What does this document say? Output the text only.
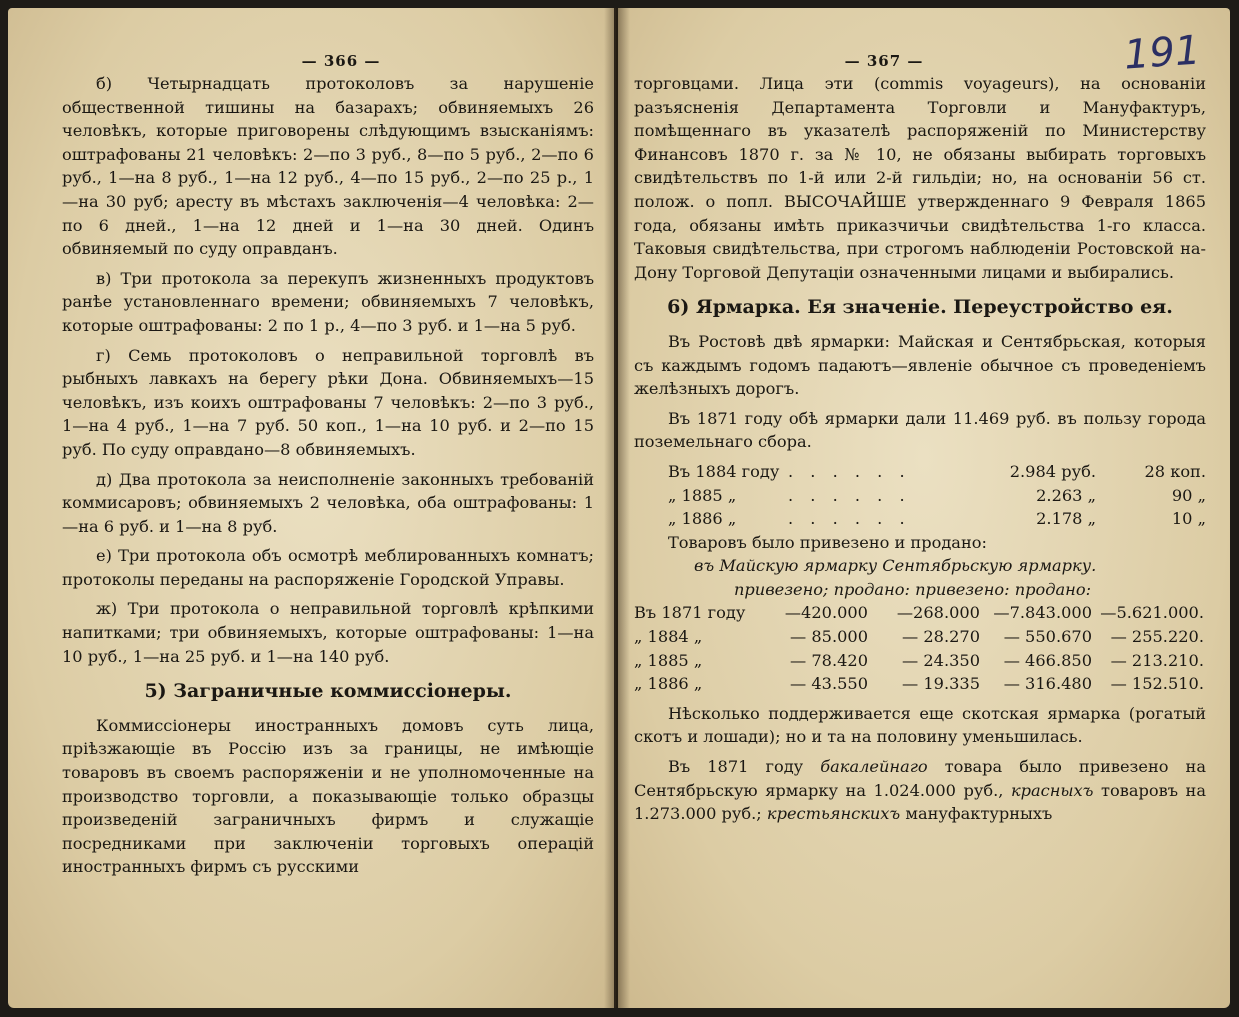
— 366 —

б) Четырнадцать протоколовъ за нарушеніе общественной тишины на базарахъ; обвиняемыхъ 26 человѣкъ, которые приговорены слѣдующимъ взысканіямъ: оштрафованы 21 человѣкъ: 2—по 3 руб., 8—по 5 руб., 2—по 6 руб., 1—на 8 руб., 1—на 12 руб., 4—по 15 руб., 2—по 25 р., 1—на 30 руб; аресту въ мѣстахъ заключенія—4 человѣка: 2—по 6 дней., 1—на 12 дней и 1—на 30 дней. Одинъ обвиняемый по суду оправданъ.

в) Три протокола за перекупъ жизненныхъ продуктовъ ранѣе установленнаго времени; обвиняемыхъ 7 человѣкъ, которые оштрафованы: 2 по 1 р., 4—по 3 руб. и 1—на 5 руб.

г) Семь протоколовъ о неправильной торговлѣ въ рыбныхъ лавкахъ на берегу рѣки Дона. Обвиняемыхъ—15 человѣкъ, изъ коихъ оштрафованы 7 человѣкъ: 2—по 3 руб., 1—на 4 руб., 1—на 7 руб. 50 коп., 1—на 10 руб. и 2—по 15 руб. По суду оправдано—8 обвиняемыхъ.

д) Два протокола за неисполненіе законныхъ требованій коммисаровъ; обвиняемыхъ 2 человѣка, оба оштрафованы: 1—на 6 руб. и 1—на 8 руб.

е) Три протокола объ осмотрѣ меблированныхъ комнатъ; протоколы переданы на распоряженіе Городской Управы.

ж) Три протокола о неправильной торговлѣ крѣпкими напитками; три обвиняемыхъ, которые оштрафованы: 1—на 10 руб., 1—на 25 руб. и 1—на 140 руб.

5) Заграничные коммиссіонеры.

Коммиссіонеры иностранныхъ домовъ суть лица, пріѣзжающіе въ Россію изъ за границы, не имѣющіе товаровъ въ своемъ распоряженіи и не уполномоченные на производство торговли, а показывающіе только образцы произведеній заграничныхъ фирмъ и служащіе посредниками при заключеніи торговыхъ операцій иностранныхъ фирмъ съ русскими

— 367 —	191

торговцами. Лица эти (commis voyageurs), на основаніи разъясненія Департамента Торговли и Мануфактуръ, помѣщеннаго въ указателѣ распоряженій по Министерству Финансовъ 1870 г. за № 10, не обязаны выбирать торговыхъ свидѣтельствъ по 1-й или 2-й гильдіи; но, на основаніи 56 ст. полож. о попл. ВЫСОЧАЙШЕ утвержденнаго 9 Февраля 1865 года, обязаны имѣть приказчичьи свидѣтельства 1-го класса. Таковыя свидѣтельства, при строгомъ наблюденіи Ростовской на-Дону Торговой Депутаціи означенными лицами и выбирались.

6) Ярмарка. Ея значеніе. Переустройство ея.

Въ Ростовѣ двѣ ярмарки: Майская и Сентябрьская, которыя съ каждымъ годомъ падаютъ—явленіе обычное съ проведеніемъ желѣзныхъ дорогъ.

Въ 1871 году обѣ ярмарки дали 11.469 руб. въ пользу города поземельнаго сбора.

Въ 1884 году . . . . . .	2.984 руб.	28 коп.
„ 1885 „	. . . . . .	2.263 „	90 „
„ 1886 „	. . . . . .	2.178 „	10 „

Товаровъ было привезено и продано:

въ Майскую ярмарку Сентябрьскую ярмарку.

привезено; продано: привезено: продано:

Въ 1871 году	—420.000	—268.000 —7.843.000 —5.621.000.
„ 1884 „	— 85.000	— 28.270	— 550.670	— 255.220.
„ 1885 „	— 78.420	— 24.350	— 466.850	— 213.210.
„ 1886 „	— 43.550	— 19.335	— 316.480	— 152.510.

Нѣсколько поддерживается еще скотская ярмарка (рогатый скотъ и лошади); но и та на половину уменьшилась.

Въ 1871 году бакалейнаго товара было привезено на Сентябрьскую ярмарку на 1.024.000 руб., красныхъ товаровъ на 1.273.000 руб.; крестьянскихъ мануфактурныхъ
